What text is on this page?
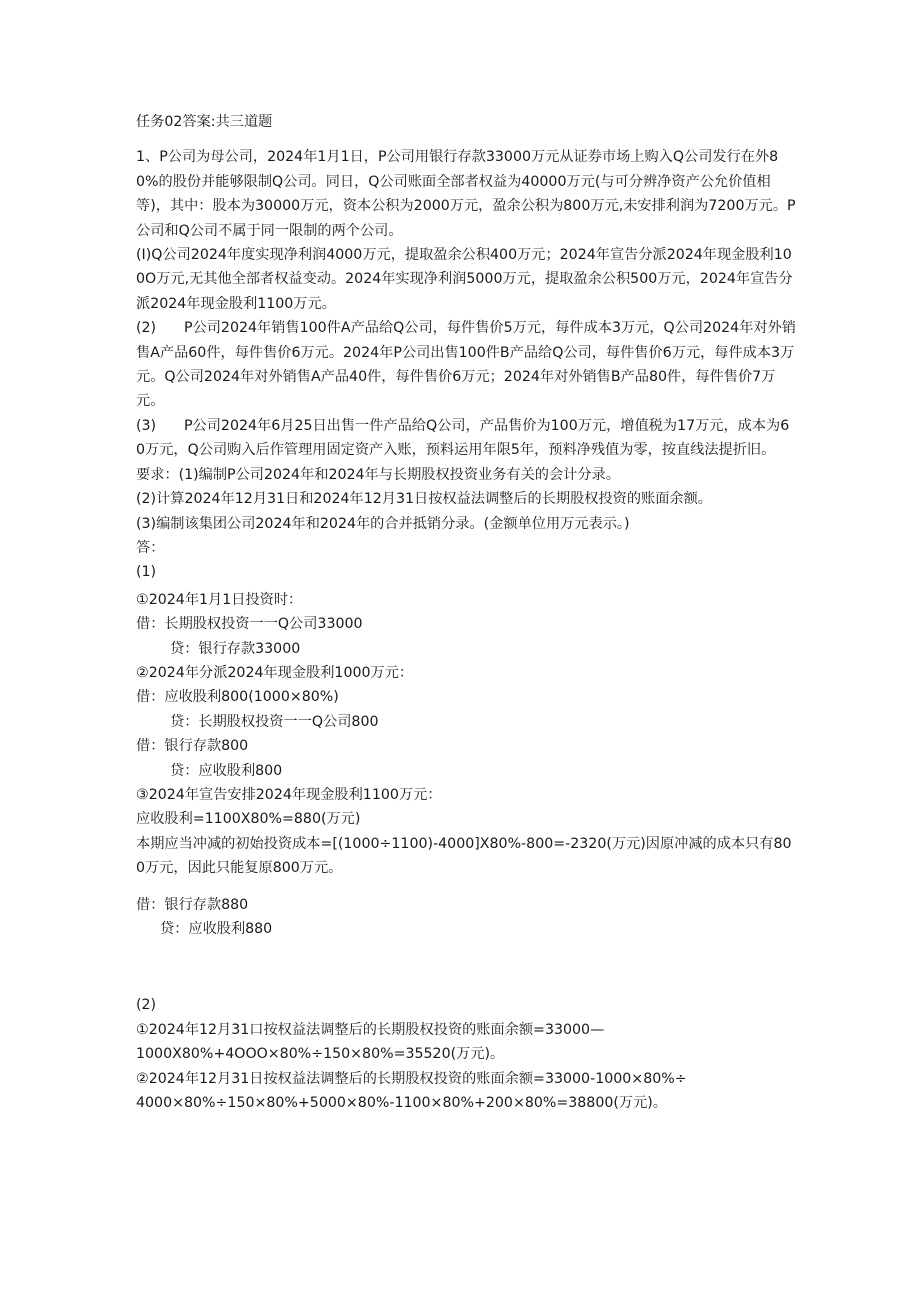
任务02答案:共三道题
1、P公司为母公司，2024年1月1日，P公司用银行存款33000万元从证券市场上购入Q公司发行在外80%的股份并能够限制Q公司。同日，Q公司账面全部者权益为40000万元(与可分辨净资产公允价值相等)，其中：股本为30000万元，资本公积为2000万元，盈余公积为800万元,未安排利润为7200万元。P公司和Q公司不属于同一限制的两个公司。
(I)Q公司2024年度实现净利润4000万元，提取盈余公积400万元；2024年宣告分派2024年现金股利100O万元,无其他全部者权益变动。2024年实现净利润5000万元，提取盈余公积500万元，2024年宣告分派2024年现金股利1100万元。
(2) P公司2024年销售100件A产品给Q公司，每件售价5万元，每件成本3万元，Q公司2024年对外销售A产品60件，每件售价6万元。2024年P公司出售100件B产品给Q公司，每件售价6万元，每件成本3万元。Q公司2024年对外销售A产品40件，每件售价6万元；2024年对外销售B产品80件，每件售价7万元。
(3) P公司2024年6月25日出售一件产品给Q公司，产品售价为100万元，增值税为17万元，成本为60万元，Q公司购入后作管理用固定资产入账，预料运用年限5年，预料净残值为零，按直线法提折旧。
要求：(1)编制P公司2024年和2024年与长期股权投资业务有关的会计分录。
(2)计算2024年12月31日和2024年12月31日按权益法调整后的长期股权投资的账面余额。
(3)编制该集团公司2024年和2024年的合并抵销分录。(金额单位用万元表示。)
答：
(1)
①2024年1月1日投资时：
借：长期股权投资一一Q公司33000
贷：银行存款33000
②2024年分派2024年现金股利1000万元：
借：应收股利800(1000×80%)
贷：长期股权投资一一Q公司800
借：银行存款800
贷：应收股利800
③2024年宣告安排2024年现金股利1100万元：
应收股利=1100X80%=880(万元)
本期应当冲减的初始投资成本=[(1000÷1100)-4000]X80%-800=-2320(万元)因原冲减的成本只有800万元，因此只能复原800万元。
借：银行存款880
贷：应收股利880
(2)
①2024年12月31口按权益法调整后的长期股权投资的账面余额=33000—
1000X80%+4OOO×80%÷150×80%=35520(万元)。
②2024年12月31日按权益法调整后的长期股权投资的账面余额=33000-1000×80%÷
4000×80%÷150×80%+5000×80%-1100×80%+200×80%=38800(万元)。
